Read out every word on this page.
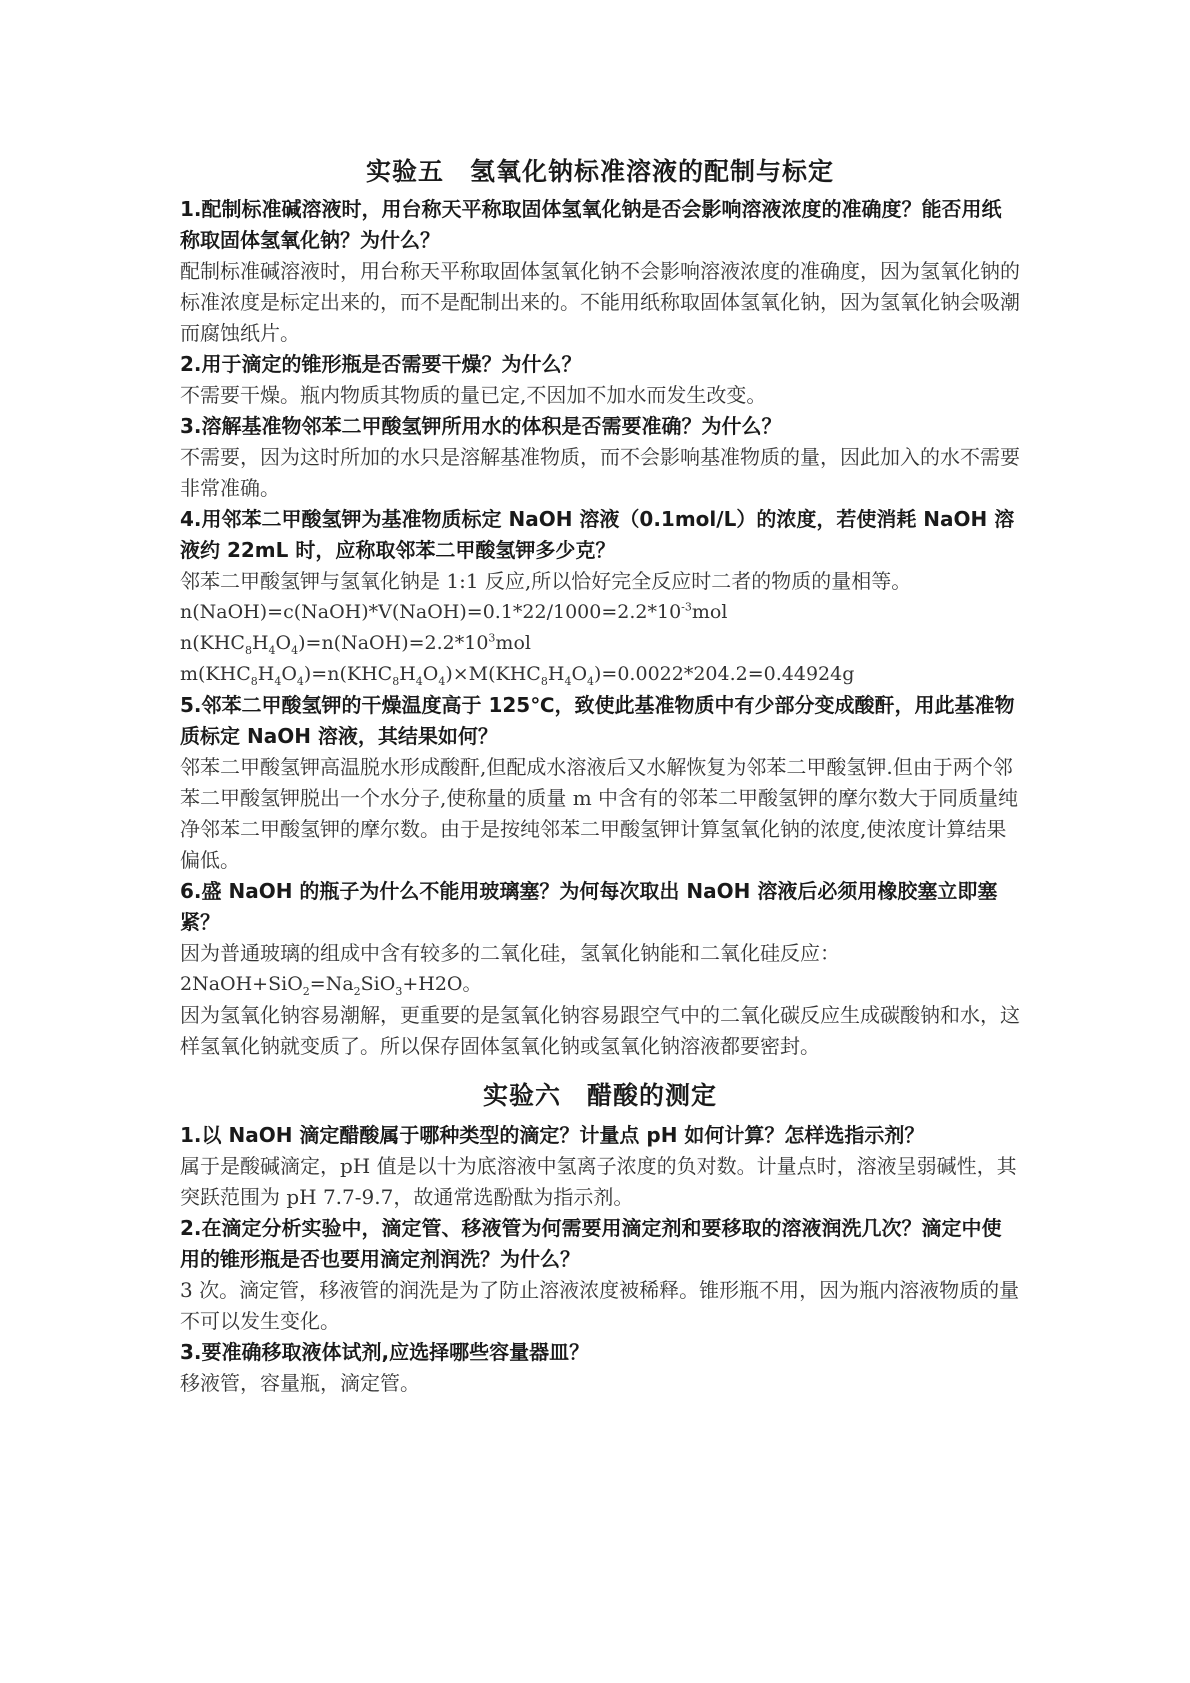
实验五　氢氧化钠标准溶液的配制与标定
1.配制标准碱溶液时，用台称天平称取固体氢氧化钠是否会影响溶液浓度的准确度？能否用纸称取固体氢氧化钠？为什么？
配制标准碱溶液时，用台称天平称取固体氢氧化钠不会影响溶液浓度的准确度，因为氢氧化钠的标准浓度是标定出来的，而不是配制出来的。不能用纸称取固体氢氧化钠，因为氢氧化钠会吸潮而腐蚀纸片。
2.用于滴定的锥形瓶是否需要干燥？为什么？
不需要干燥。瓶内物质其物质的量已定,不因加不加水而发生改变。
3.溶解基准物邻苯二甲酸氢钾所用水的体积是否需要准确？为什么？
不需要，因为这时所加的水只是溶解基准物质，而不会影响基准物质的量，因此加入的水不需要非常准确。
4.用邻苯二甲酸氢钾为基准物质标定 NaOH 溶液（0.1mol/L）的浓度，若使消耗 NaOH 溶液约 22mL 时，应称取邻苯二甲酸氢钾多少克？
邻苯二甲酸氢钾与氢氧化钠是 1:1 反应,所以恰好完全反应时二者的物质的量相等。
$n(NaOH)=c(NaOH)*V(NaOH)=0.1*22/1000=2.2*10^{-3}mol$
$n(KHC_8H_4O_4)=n(NaOH)=2.2*10^3mol$
$m(KHC_8H_4O_4)=n(KHC_8H_4O_4)\times M(KHC_8H_4O_4)=0.0022*204.2=0.44924g$
5.邻苯二甲酸氢钾的干燥温度高于 125℃，致使此基准物质中有少部分变成酸酐，用此基准物质标定 NaOH 溶液，其结果如何？
邻苯二甲酸氢钾高温脱水形成酸酐,但配成水溶液后又水解恢复为邻苯二甲酸氢钾.但由于两个邻苯二甲酸氢钾脱出一个水分子,使称量的质量 m 中含有的邻苯二甲酸氢钾的摩尔数大于同质量纯净邻苯二甲酸氢钾的摩尔数。由于是按纯邻苯二甲酸氢钾计算氢氧化钠的浓度,使浓度计算结果偏低。
6.盛 NaOH 的瓶子为什么不能用玻璃塞？为何每次取出 NaOH 溶液后必须用橡胶塞立即塞紧？
因为普通玻璃的组成中含有较多的二氧化硅，氢氧化钠能和二氧化硅反应：
$2NaOH+SiO_2=Na_2SiO_3+H2O$。
因为氢氧化钠容易潮解，更重要的是氢氧化钠容易跟空气中的二氧化碳反应生成碳酸钠和水，这样氢氧化钠就变质了。所以保存固体氢氧化钠或氢氧化钠溶液都要密封。
实验六　醋酸的测定
1.以 NaOH 滴定醋酸属于哪种类型的滴定？计量点 pH 如何计算？怎样选指示剂？
属于是酸碱滴定，pH 值是以十为底溶液中氢离子浓度的负对数。计量点时，溶液呈弱碱性，其突跃范围为 pH 7.7-9.7，故通常选酚酞为指示剂。
2.在滴定分析实验中，滴定管、移液管为何需要用滴定剂和要移取的溶液润洗几次？滴定中使用的锥形瓶是否也要用滴定剂润洗？为什么？
3 次。滴定管，移液管的润洗是为了防止溶液浓度被稀释。锥形瓶不用，因为瓶内溶液物质的量不可以发生变化。
3.要准确移取液体试剂,应选择哪些容量器皿？
移液管，容量瓶，滴定管。
